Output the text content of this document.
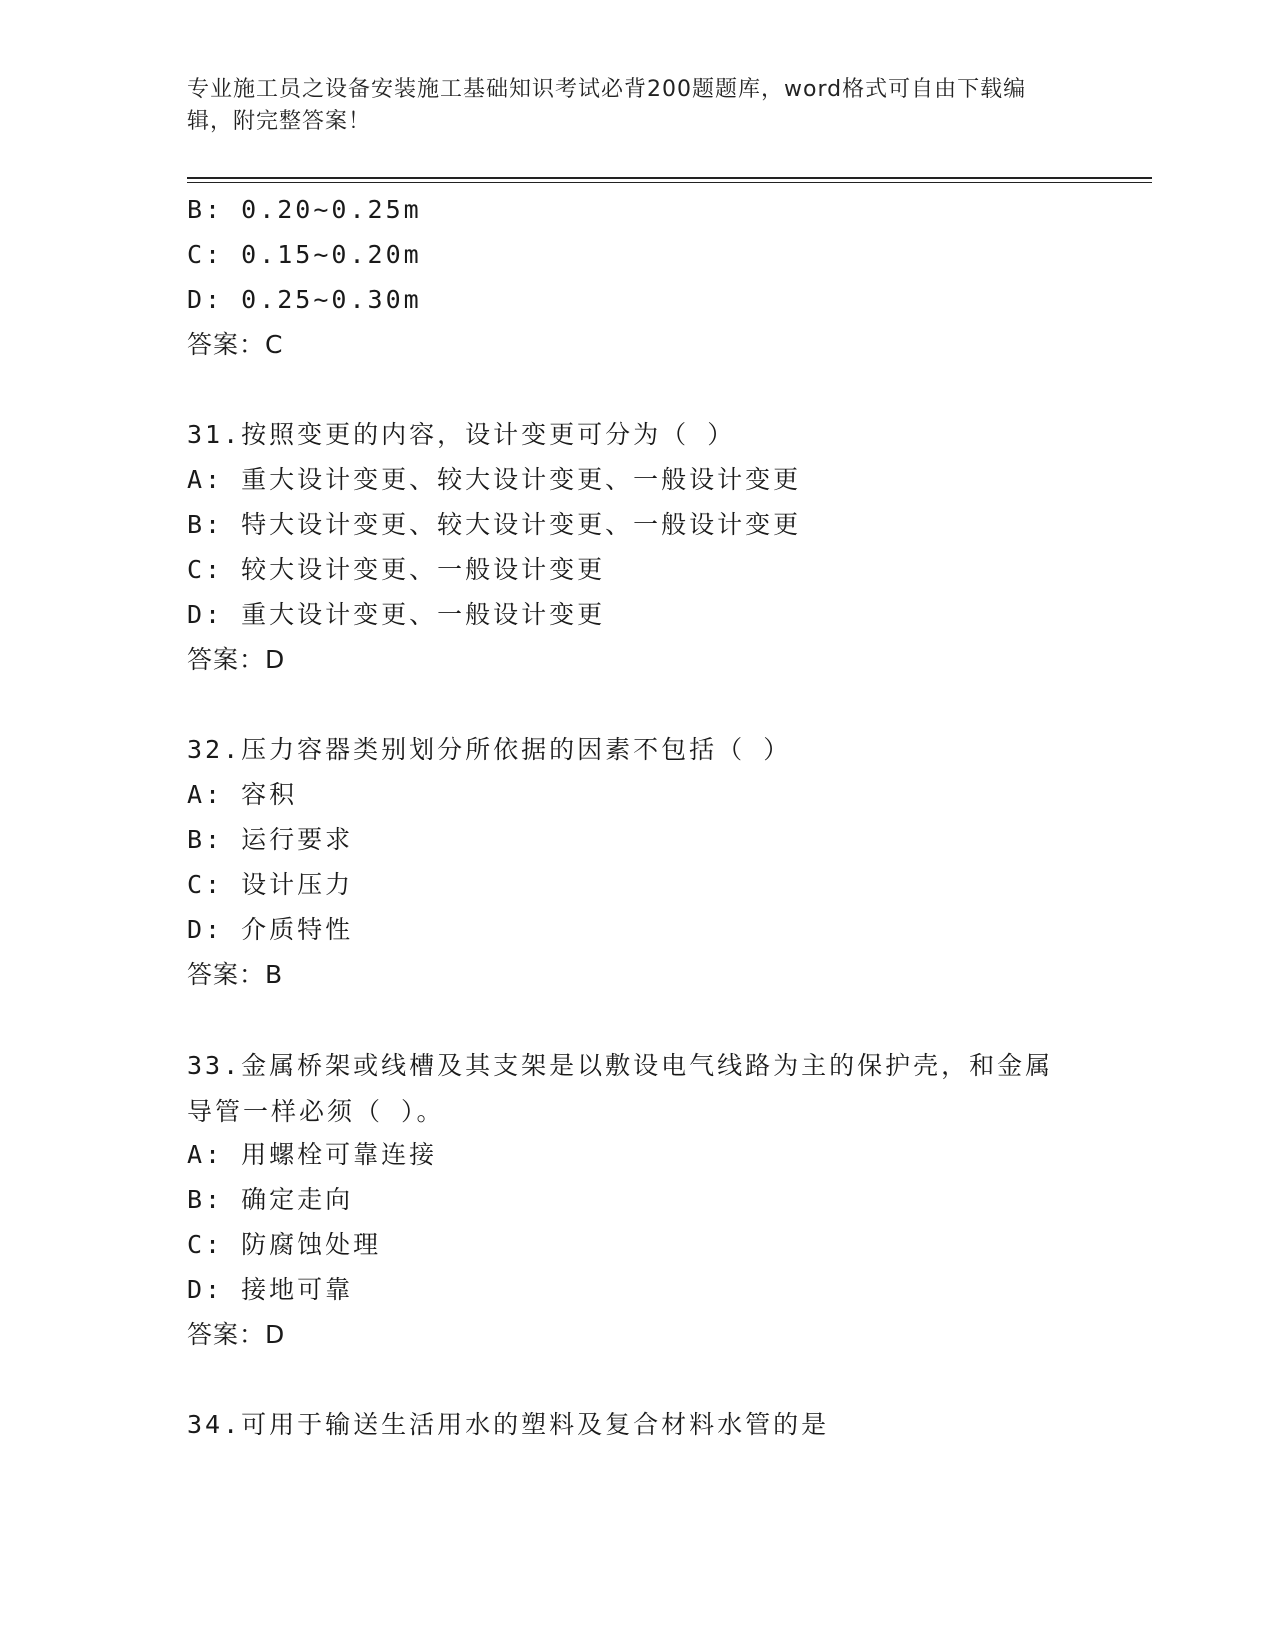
专业施工员之设备安装施工基础知识考试必背200题题库，word格式可自由下载编辑，附完整答案！
B: 0.20~0.25m
C: 0.15~0.20m
D: 0.25~0.30m
答案：C
31.按照变更的内容，设计变更可分为（ ）
A: 重大设计变更、较大设计变更、一般设计变更
B: 特大设计变更、较大设计变更、一般设计变更
C: 较大设计变更、一般设计变更
D: 重大设计变更、一般设计变更
答案：D
32.压力容器类别划分所依据的因素不包括（ ）
A: 容积
B: 运行要求
C: 设计压力
D: 介质特性
答案：B
33.金属桥架或线槽及其支架是以敷设电气线路为主的保护壳，和金属导管一样必须（ ）。
A: 用螺栓可靠连接
B: 确定走向
C: 防腐蚀处理
D: 接地可靠
答案：D
34.可用于输送生活用水的塑料及复合材料水管的是
